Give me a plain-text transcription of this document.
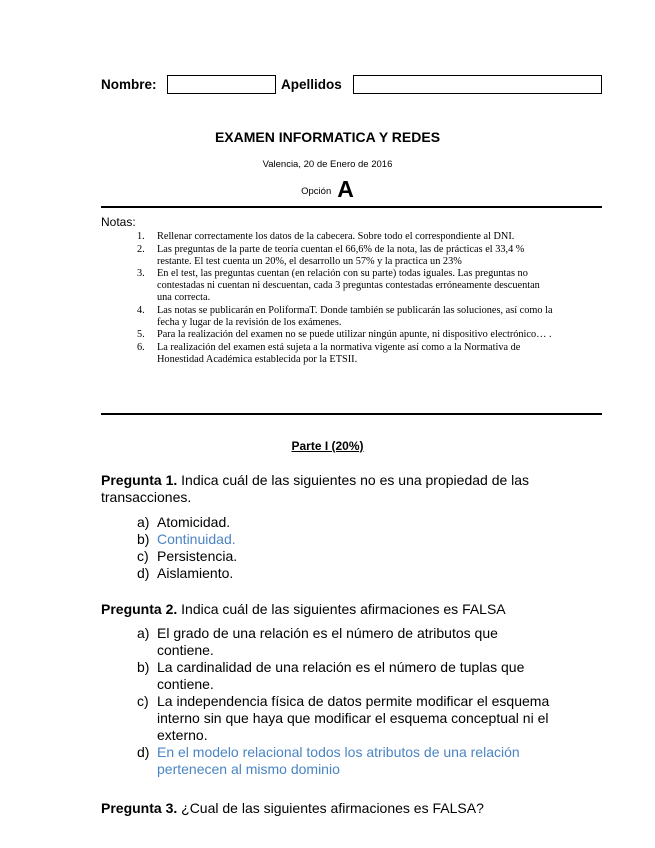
Nombre:	Apellidos
EXAMEN INFORMATICA Y REDES
Valencia, 20 de Enero de 2016
Opción A
Notas:
1. Rellenar correctamente los datos de la cabecera. Sobre todo el correspondiente al DNI.
2. Las preguntas de la parte de teoría cuentan el 66,6% de la nota, las de prácticas el 33,4 % restante. El test cuenta un 20%, el desarrollo un 57% y la practica un 23%
3. En el test, las preguntas cuentan (en relación con su parte) todas iguales. Las preguntas no contestadas ni cuentan ni descuentan, cada 3 preguntas contestadas erróneamente descuentan una correcta.
4. Las notas se publicarán en PoliformaT. Donde también se publicarán las soluciones, así como la fecha y lugar de la revisión de los exámenes.
5. Para la realización del examen no se puede utilizar ningún apunte, ni dispositivo electrónico… .
6. La realización del examen está sujeta a la normativa vigente así como a la Normativa de Honestidad Académica establecida por la ETSII.
Parte I (20%)
Pregunta 1. Indica cuál de las siguientes no es una propiedad de las transacciones.
a) Atomicidad.
b) Continuidad.
c) Persistencia.
d) Aislamiento.
Pregunta 2. Indica cuál de las siguientes afirmaciones es FALSA
a) El grado de una relación es el número de atributos que contiene.
b) La cardinalidad de una relación es el número de tuplas que contiene.
c) La independencia física de datos permite modificar el esquema interno sin que haya que modificar el esquema conceptual ni el externo.
d) En el modelo relacional todos los atributos de una relación pertenecen al mismo dominio
Pregunta 3. ¿Cual de las siguientes afirmaciones es FALSA?
